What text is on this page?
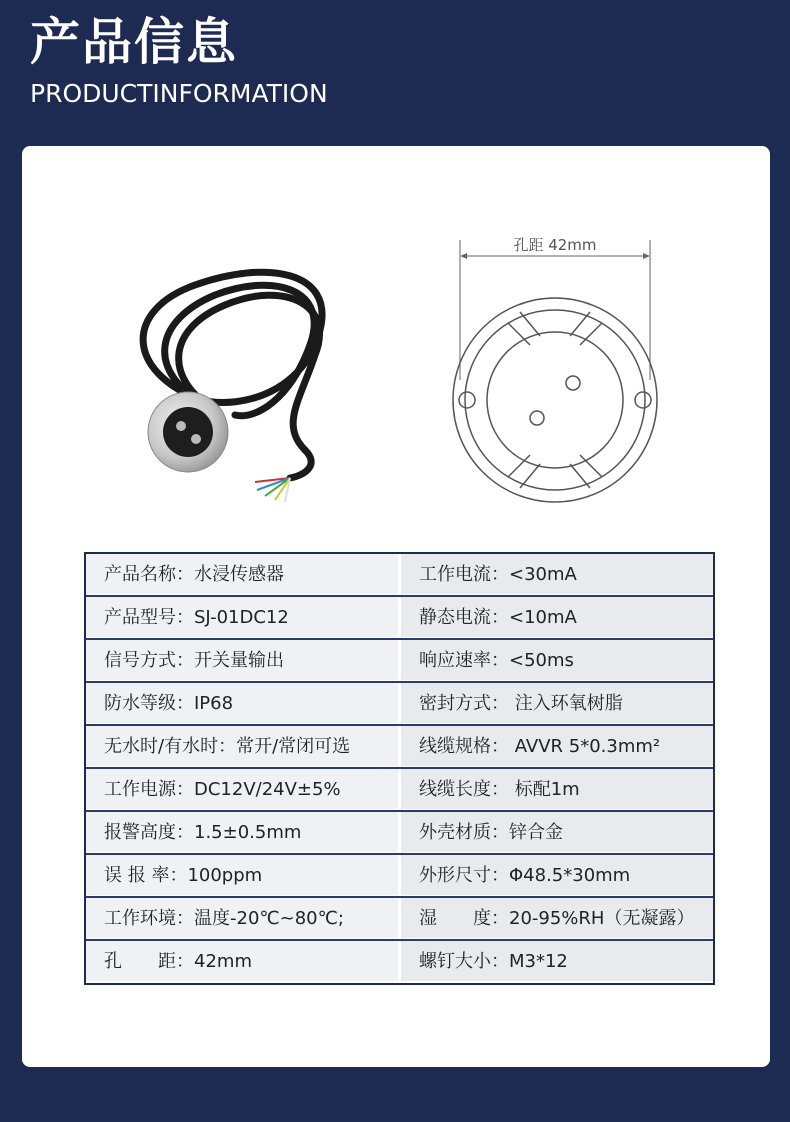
产品信息
PRODUCTINFORMATION
孔距 42mm
产品名称：水浸传感器	工作电流：<30mA
产品型号：SJ-01DC12	静态电流：<10mA
信号方式：开关量输出	响应速率：<50ms
防水等级：IP68	密封方式： 注入环氧树脂
无水时/有水时：常开/常闭可选	线缆规格： AVVR 5*0.3mm²
工作电源：DC12V/24V±5%	线缆长度： 标配1m
报警高度：1.5±0.5mm	外壳材质：锌合金
误 报 率：100ppm	外形尺寸：Φ48.5*30mm
工作环境：温度-20℃~80℃;	湿　　度：20-95%RH（无凝露）
孔　　距：42mm	螺钉大小：M3*12
